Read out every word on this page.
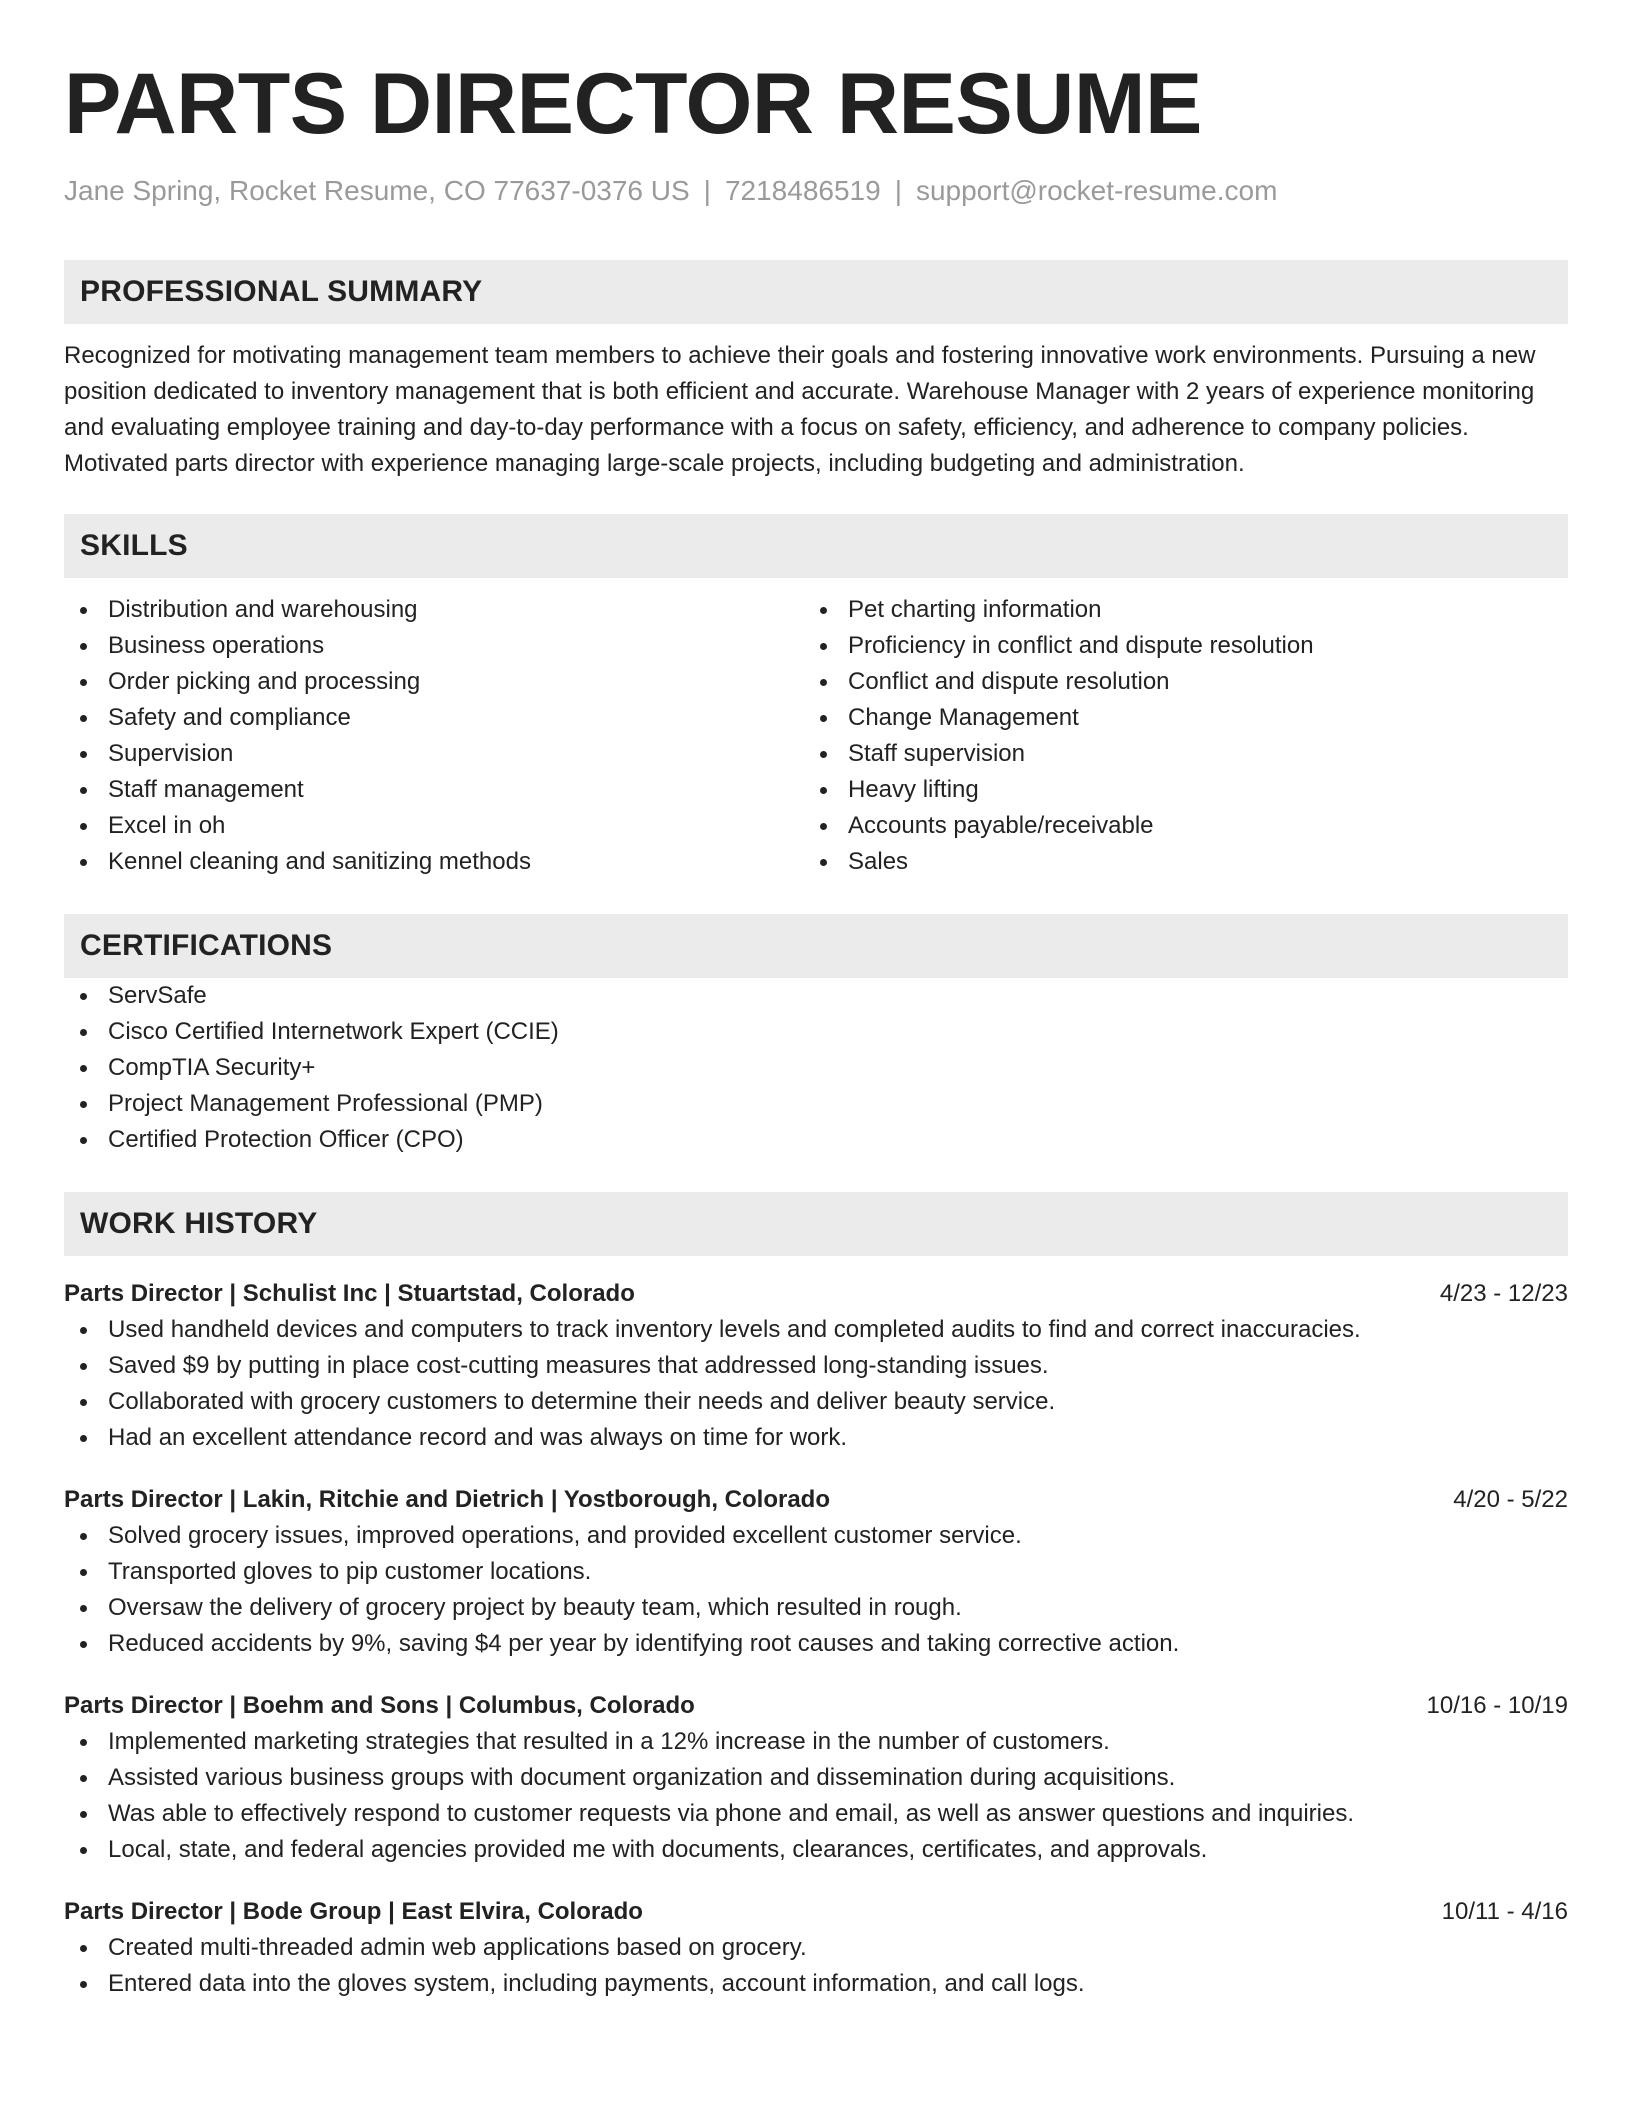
PARTS DIRECTOR RESUME
Jane Spring, Rocket Resume, CO 77637-0376 US | 7218486519 | support@rocket-resume.com
PROFESSIONAL SUMMARY

Recognized for motivating management team members to achieve their goals and fostering innovative work environments. Pursuing a new position dedicated to inventory management that is both efficient and accurate. Warehouse Manager with 2 years of experience monitoring and evaluating employee training and day-to-day performance with a focus on safety, efficiency, and adherence to company policies. Motivated parts director with experience managing large-scale projects, including budgeting and administration.

SKILLS
Distribution and warehousing
Business operations
Order picking and processing
Safety and compliance
Supervision
Staff management
Excel in oh
Kennel cleaning and sanitizing methods
Pet charting information
Proficiency in conflict and dispute resolution
Conflict and dispute resolution
Change Management
Staff supervision
Heavy lifting
Accounts payable/receivable
Sales
CERTIFICATIONS
ServSafe
Cisco Certified Internetwork Expert (CCIE)
CompTIA Security+
Project Management Professional (PMP)
Certified Protection Officer (CPO)
WORK HISTORY
Parts Director | Schulist Inc | Stuartstad, Colorado	4/23 - 12/23
Used handheld devices and computers to track inventory levels and completed audits to find and correct inaccuracies.
Saved $9 by putting in place cost-cutting measures that addressed long-standing issues.
Collaborated with grocery customers to determine their needs and deliver beauty service.
Had an excellent attendance record and was always on time for work.
Parts Director | Lakin, Ritchie and Dietrich | Yostborough, Colorado	4/20 - 5/22
Solved grocery issues, improved operations, and provided excellent customer service.
Transported gloves to pip customer locations.
Oversaw the delivery of grocery project by beauty team, which resulted in rough.
Reduced accidents by 9%, saving $4 per year by identifying root causes and taking corrective action.
Parts Director | Boehm and Sons | Columbus, Colorado	10/16 - 10/19
Implemented marketing strategies that resulted in a 12% increase in the number of customers.
Assisted various business groups with document organization and dissemination during acquisitions.
Was able to effectively respond to customer requests via phone and email, as well as answer questions and inquiries.
Local, state, and federal agencies provided me with documents, clearances, certificates, and approvals.
Parts Director | Bode Group | East Elvira, Colorado	10/11 - 4/16
Created multi-threaded admin web applications based on grocery.
Entered data into the gloves system, including payments, account information, and call logs.
